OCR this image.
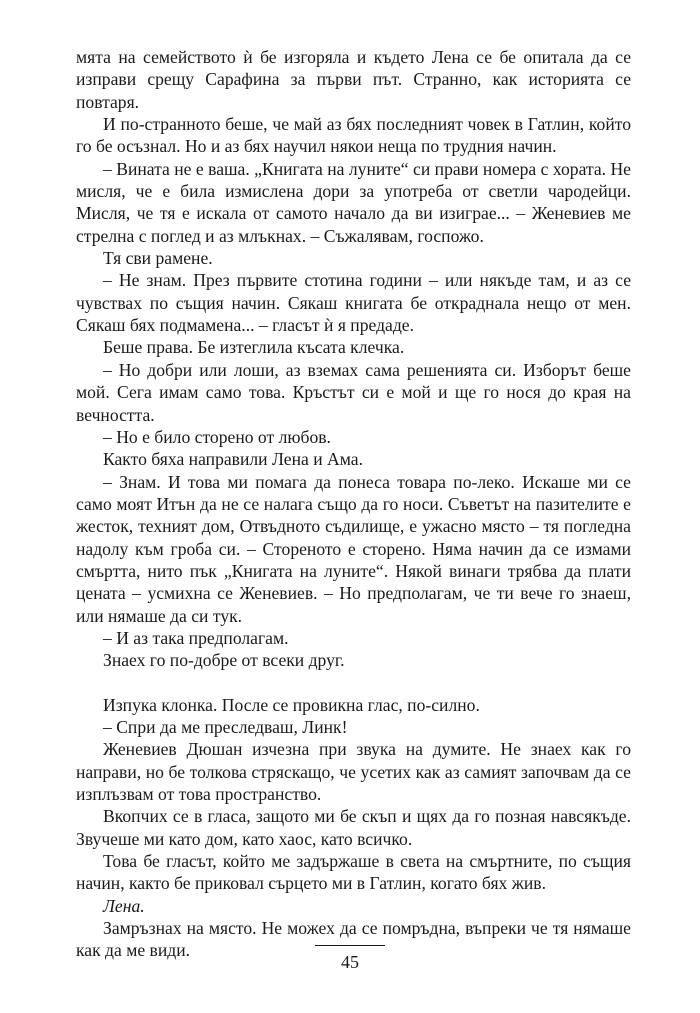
мята на семейството ѝ бе изгоряла и където Лена се бе опитала да се изправи срещу Сарафина за първи път. Странно, как историята се повтаря.

И по-странното беше, че май аз бях последният човек в Гатлин, който го бе осъзнал. Но и аз бях научил някои неща по трудния начин.

– Вината не е ваша. „Книгата на луните“ си прави номера с хората. Не мисля, че е била измислена дори за употреба от светли чародейци. Мисля, че тя е искала от самото начало да ви изиграе... – Женевиев ме стрелна с поглед и аз млъкнах. – Съжалявам, госпожо.

Тя сви рамене.

– Не знам. През първите стотина години – или някъде там, и аз се чувствах по същия начин. Сякаш книгата бе откраднала нещо от мен. Сякаш бях подмамена... – гласът ѝ я предаде.

Беше права. Бе изтеглила късата клечка.

– Но добри или лоши, аз вземах сама решенията си. Изборът беше мой. Сега имам само това. Кръстът си е мой и ще го нося до края на вечността.

– Но е било сторено от любов.

Както бяха направили Лена и Ама.

– Знам. И това ми помага да понеса товара по-леко. Искаше ми се само моят Итън да не се налага също да го носи. Съветът на пазителите е жесток, техният дом, Отвъдното съдилище, е ужасно място – тя погледна надолу към гроба си. – Стореното е сторено. Няма начин да се измами смъртта, нито пък „Книгата на луните“. Някой винаги трябва да плати цената – усмихна се Женевиев. – Но предполагам, че ти вече го знаеш, или нямаше да си тук.

– И аз така предполагам.

Знаех го по-добре от всеки друг.

Изпука клонка. После се провикна глас, по-силно.

– Спри да ме преследваш, Линк!

Женевиев Дюшан изчезна при звука на думите. Не знаех как го направи, но бе толкова стряскащо, че усетих как аз самият започвам да се изплъзвам от това пространство.

Вкопчих се в гласа, защото ми бе скъп и щях да го позная навсякъде. Звучеше ми като дом, като хаос, като всичко.

Това бе гласът, който ме задържаше в света на смъртните, по същия начин, както бе приковал сърцето ми в Гатлин, когато бях жив.

Лена.

Замръзнах на място. Не можех да се помръдна, въпреки че тя нямаше как да ме види.

45
